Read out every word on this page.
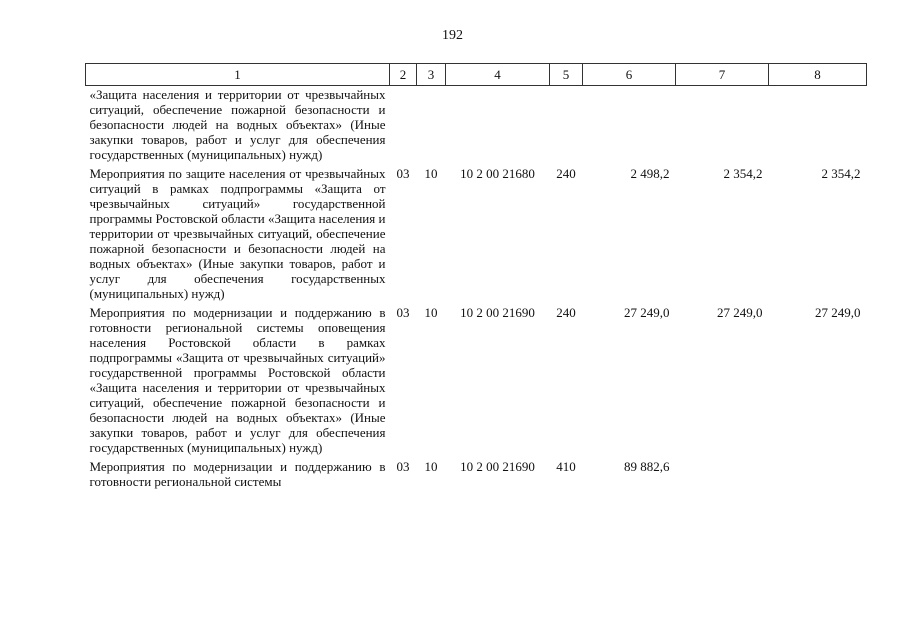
192
1	2	3	4	5	6	7	8
«Защита населения и территории от чрезвычайных ситуаций, обеспечение пожарной безопасности и безопасности людей на водных объектах» (Иные закупки товаров, работ и услуг для обеспечения государственных (муниципальных) нужд)							
Мероприятия по защите населения от чрезвычайных ситуаций в рамках подпрограммы «Защита от чрезвычайных ситуаций» государственной программы Ростовской области «Защита населения и территории от чрезвычайных ситуаций, обеспечение пожарной безопасности и безопасности людей на водных объектах» (Иные закупки товаров, работ и услуг для обеспечения государственных (муниципальных) нужд)	03	10	10 2 00 21680	240	2 498,2	2 354,2	2 354,2
Мероприятия по модернизации и поддержанию в готовности региональной системы оповещения населения Ростовской области в рамках подпрограммы «Защита от чрезвычайных ситуаций» государственной программы Ростовской области «Защита населения и территории от чрезвычайных ситуаций, обеспечение пожарной безопасности и безопасности людей на водных объектах» (Иные закупки товаров, работ и услуг для обеспечения государственных (муниципальных) нужд)	03	10	10 2 00 21690	240	27 249,0	27 249,0	27 249,0
Мероприятия по модернизации и поддержанию в готовности региональной системы	03	10	10 2 00 21690	410	89 882,6		
